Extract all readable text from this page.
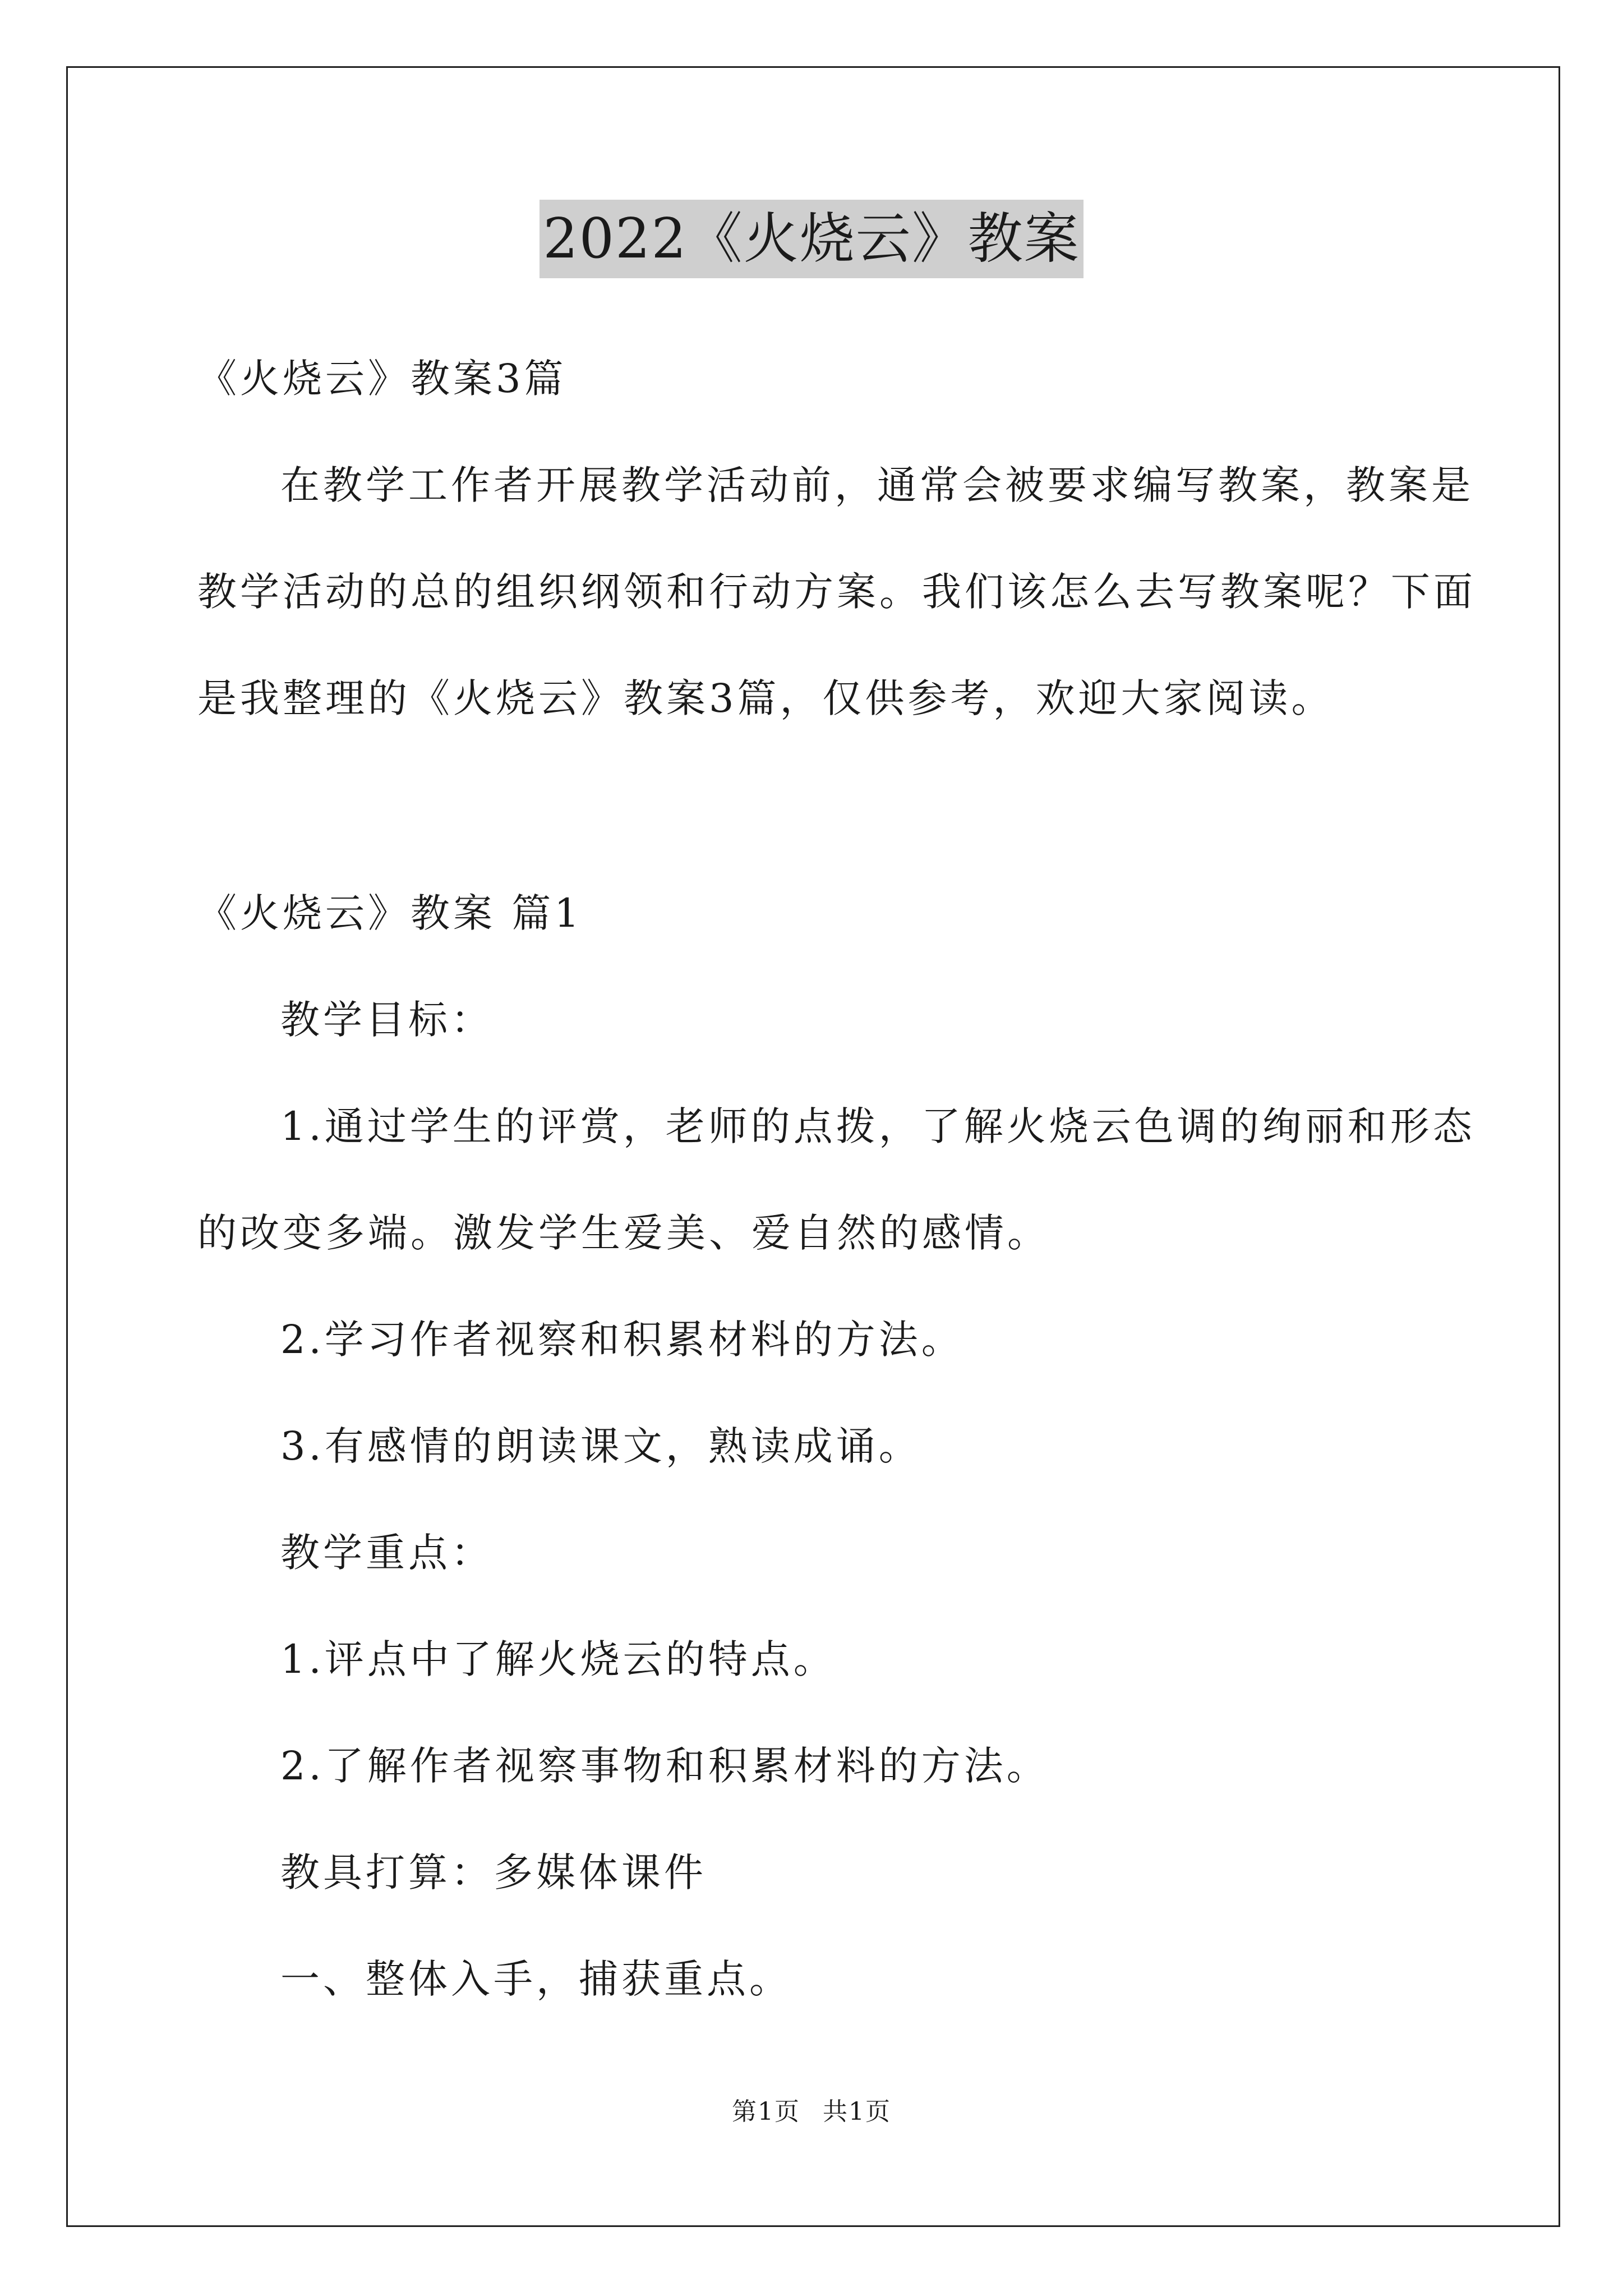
2022《火烧云》教案
《火烧云》教案3篇
在教学工作者开展教学活动前，通常会被要求编写教案，教案是
教学活动的总的组织纲领和行动方案。我们该怎么去写教案呢？下面
是我整理的《火烧云》教案3篇，仅供参考，欢迎大家阅读。
《火烧云》教案 篇1
教学目标：
1.通过学生的评赏，老师的点拨，了解火烧云色调的绚丽和形态
的改变多端。激发学生爱美、爱自然的感情。
2.学习作者视察和积累材料的方法。
3.有感情的朗读课文，熟读成诵。
教学重点：
1.评点中了解火烧云的特点。
2.了解作者视察事物和积累材料的方法。
教具打算：多媒体课件
一、整体入手，捕获重点。
第1页 共1页
